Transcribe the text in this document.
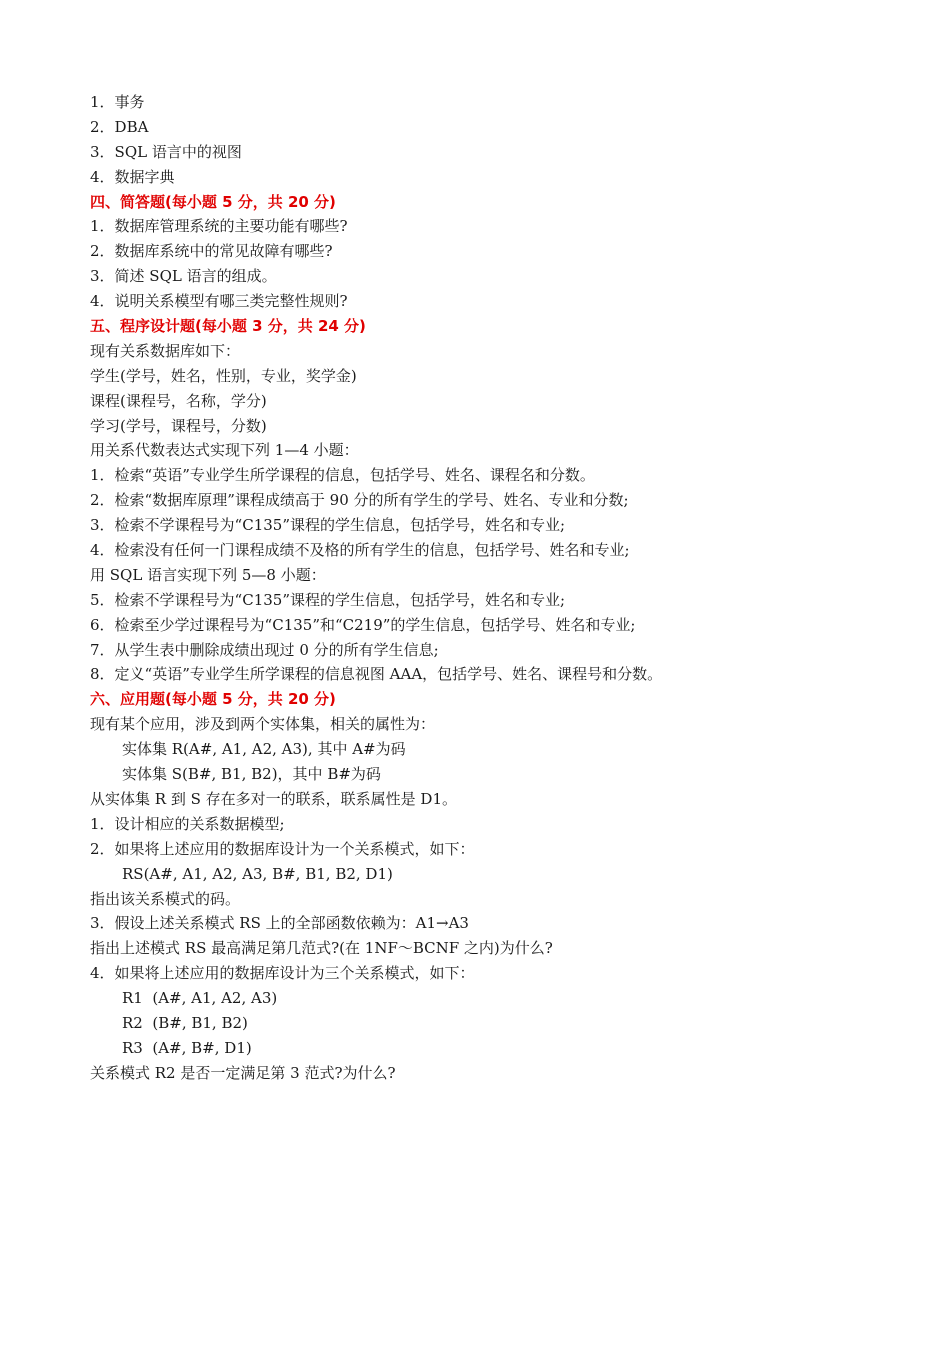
1．事务
2．DBA
3．SQL 语言中的视图
4．数据字典
四、简答题(每小题 5 分，共 20 分)
1．数据库管理系统的主要功能有哪些?
2．数据库系统中的常见故障有哪些?
3．简述 SQL 语言的组成。
4．说明关系模型有哪三类完整性规则?
五、程序设计题(每小题 3 分，共 24 分)
现有关系数据库如下：
学生(学号，姓名，性别，专业，奖学金)
课程(课程号，名称，学分)
学习(学号，课程号，分数)
用关系代数表达式实现下列 1—4 小题：
1．检索“英语”专业学生所学课程的信息，包括学号、姓名、课程名和分数。
2．检索“数据库原理”课程成绩高于 90 分的所有学生的学号、姓名、专业和分数;
3．检索不学课程号为“C135”课程的学生信息，包括学号，姓名和专业;
4．检索没有任何一门课程成绩不及格的所有学生的信息，包括学号、姓名和专业;
用 SQL 语言实现下列 5—8 小题：
5．检索不学课程号为“C135”课程的学生信息，包括学号，姓名和专业;
6．检索至少学过课程号为“C135”和“C219”的学生信息，包括学号、姓名和专业;
7．从学生表中删除成绩出现过 0 分的所有学生信息;
8．定义“英语”专业学生所学课程的信息视图 AAA，包括学号、姓名、课程号和分数。
六、应用题(每小题 5 分，共 20 分)
现有某个应用，涉及到两个实体集，相关的属性为：
实体集 R(A#, A1, A2, A3), 其中 A#为码
实体集 S(B#, B1, B2)，其中 B#为码
从实体集 R 到 S 存在多对一的联系，联系属性是 D1。
1．设计相应的关系数据模型;
2．如果将上述应用的数据库设计为一个关系模式，如下：
RS(A#, A1, A2, A3, B#, B1, B2, D1)
指出该关系模式的码。
3．假设上述关系模式 RS 上的全部函数依赖为：A1→A3
指出上述模式 RS 最高满足第几范式?(在 1NF～BCNF 之内)为什么?
4．如果将上述应用的数据库设计为三个关系模式，如下：
R1  (A#, A1, A2, A3)
R2  (B#, B1, B2)
R3  (A#, B#, D1)
关系模式 R2 是否一定满足第 3 范式?为什么?
